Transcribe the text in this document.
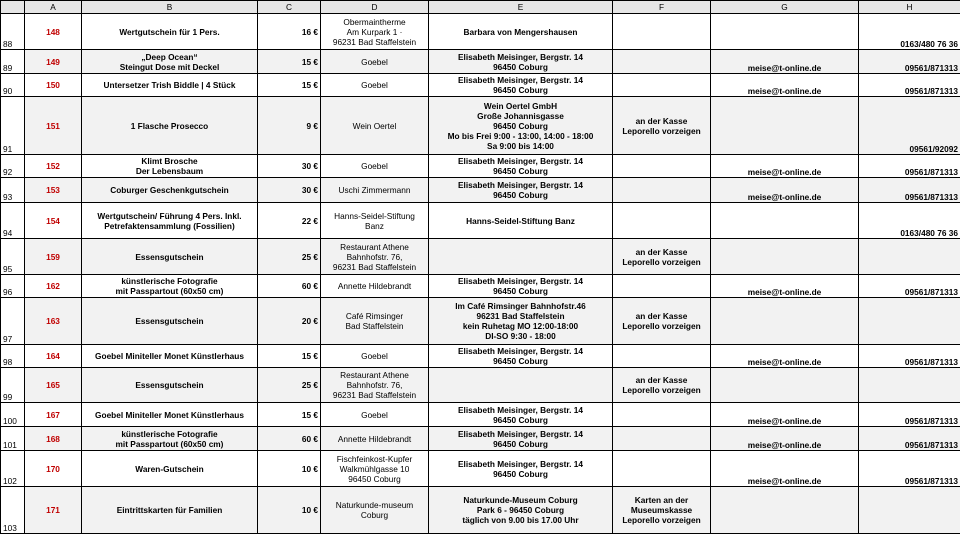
	A	B	C	D	E	F	G	H
88	148	Wertgutschein für 1 Pers.	16 €	Obermaintherme
Am Kurpark 1 ·
96231 Bad Staffelstein	Barbara von Mengershausen			0163/480 76 36
89	149	„Deep Ocean“
Steingut Dose mit Deckel	15 €	Goebel	Elisabeth Meisinger, Bergstr. 14
96450 Coburg		meise@t-online.de	09561/871313
90	150	Untersetzer Trish Biddle | 4 Stück	15 €	Goebel	Elisabeth Meisinger, Bergstr. 14
96450 Coburg		meise@t-online.de	09561/871313
91	151	1 Flasche Prosecco	9 €	Wein Oertel	Wein Oertel GmbH
Große Johannisgasse
96450 Coburg
Mo bis Frei 9:00 - 13:00, 14:00 - 18:00
Sa 9:00 bis 14:00	an der Kasse
Leporello vorzeigen		09561/92092
92	152	Klimt Brosche
Der Lebensbaum	30 €	Goebel	Elisabeth Meisinger, Bergstr. 14
96450 Coburg		meise@t-online.de	09561/871313
93	153	Coburger Geschenkgutschein	30 €	Uschi Zimmermann	Elisabeth Meisinger, Bergstr. 14
96450 Coburg		meise@t-online.de	09561/871313
94	154	Wertgutschein/ Führung 4 Pers. Inkl.
Petrefaktensammlung (Fossilien)	22 €	Hanns-Seidel-Stiftung
Banz	Hanns-Seidel-Stiftung Banz			0163/480 76 36
95	159	Essensgutschein	25 €	Restaurant Athene
Bahnhofstr. 76,
96231 Bad Staffelstein		an der Kasse
Leporello vorzeigen		
96	162	künstlerische Fotografie
mit Passpartout (60x50 cm)	60 €	Annette Hildebrandt	Elisabeth Meisinger, Bergstr. 14
96450 Coburg		meise@t-online.de	09561/871313
97	163	Essensgutschein	20 €	Café Rimsinger
Bad Staffelstein	Im Café Rimsinger Bahnhofstr.46
96231 Bad Staffelstein
kein Ruhetag MO 12:00-18:00
DI-SO 9:30 - 18:00	an der Kasse
Leporello vorzeigen		
98	164	Goebel Miniteller Monet Künstlerhaus	15 €	Goebel	Elisabeth Meisinger, Bergstr. 14
96450 Coburg		meise@t-online.de	09561/871313
99	165	Essensgutschein	25 €	Restaurant Athene
Bahnhofstr. 76,
96231 Bad Staffelstein		an der Kasse
Leporello vorzeigen		
100	167	Goebel Miniteller Monet Künstlerhaus	15 €	Goebel	Elisabeth Meisinger, Bergstr. 14
96450 Coburg		meise@t-online.de	09561/871313
101	168	künstlerische Fotografie
mit Passpartout (60x50 cm)	60 €	Annette Hildebrandt	Elisabeth Meisinger, Bergstr. 14
96450 Coburg		meise@t-online.de	09561/871313
102	170	Waren-Gutschein	10 €	Fischfeinkost-Kupfer
Walkmühlgasse 10
96450 Coburg	Elisabeth Meisinger, Bergstr. 14
96450 Coburg		meise@t-online.de	09561/871313
103	171	Eintrittskarten für Familien	10 €	Naturkunde-museum
Coburg	Naturkunde-Museum Coburg
Park 6 - 96450 Coburg
täglich von 9.00 bis 17.00 Uhr	Karten an der
Museumskasse
Leporello vorzeigen		
